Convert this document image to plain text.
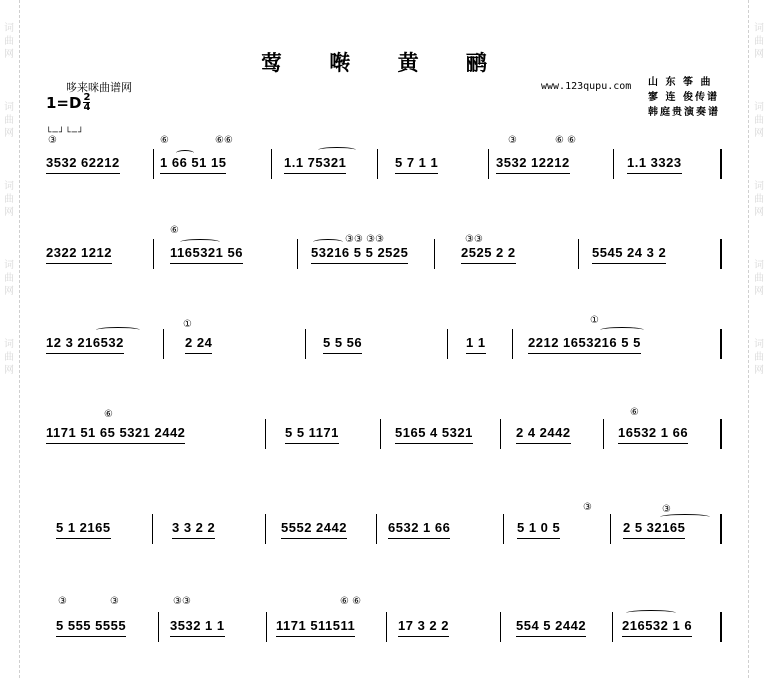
词
曲
网
词
曲
网
词
曲
网
词
曲
网
词
曲
网
词
曲
网
词
曲
网
词
曲
网
词
曲
网
词
曲
网
莺 啭 黄 鹂
哆来咪曲谱网	www.123qupu.com 山 东 筝 曲
寥 连 俊传谱
韩庭贵演奏谱
$1=D \frac{2}{4}$
└─┘└─┘
③
3532 62212
⑥	⑥⑥
1 66 51 15	1.1 75321	5 7 1 1
③	⑥ ⑥
3532 12212	1.1 3323
2322 1212
⑥
1165321 56
③③ ③③
53216 5 5 2525
③③
2525 2 2	5545 24 3 2
12 3 216532
①
2 24	5 5 56	1 1
①
2212 1653216 5 5
⑥
1171 51 65 5321 2442	5 5 1171	5165 4 5321	2 4 2442
⑥
16532 1 66
5 1 2165	3 3 2 2	5552 2442	6532 1 66
③
5 1 0 5
③
2 5 32165
③	③
5 555 5555
③③
3532 1 1
⑥ ⑥
1171 511511	17 3 2 2	554 5 2442	216532 1 6
